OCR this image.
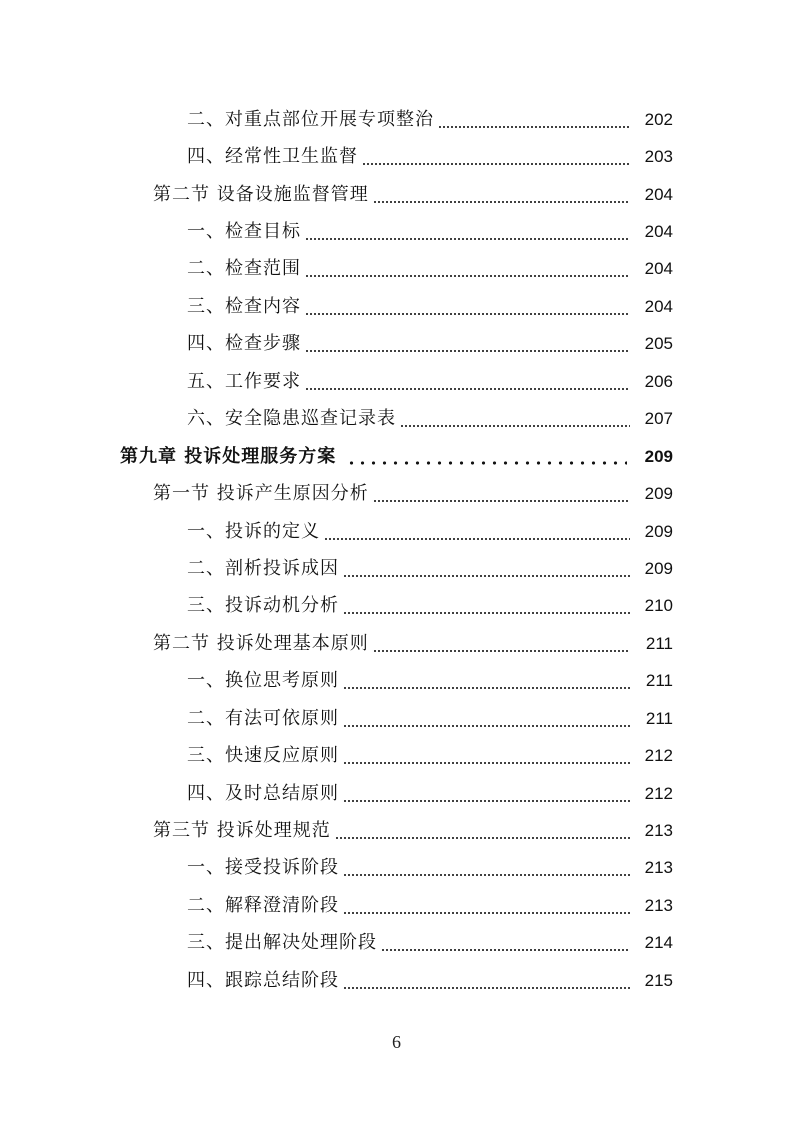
二、对重点部位开展专项整治	202
四、经常性卫生监督	203
第二节 设备设施监督管理	204
一、检查目标	204
二、检查范围	204
三、检查内容	204
四、检查步骤	205
五、工作要求	206
六、安全隐患巡查记录表	207
第九章 投诉处理服务方案	209
第一节 投诉产生原因分析	209
一、投诉的定义	209
二、剖析投诉成因	209
三、投诉动机分析	210
第二节 投诉处理基本原则	211
一、换位思考原则	211
二、有法可依原则	211
三、快速反应原则	212
四、及时总结原则	212
第三节 投诉处理规范	213
一、接受投诉阶段	213
二、解释澄清阶段	213
三、提出解决处理阶段	214
四、跟踪总结阶段	215
6
